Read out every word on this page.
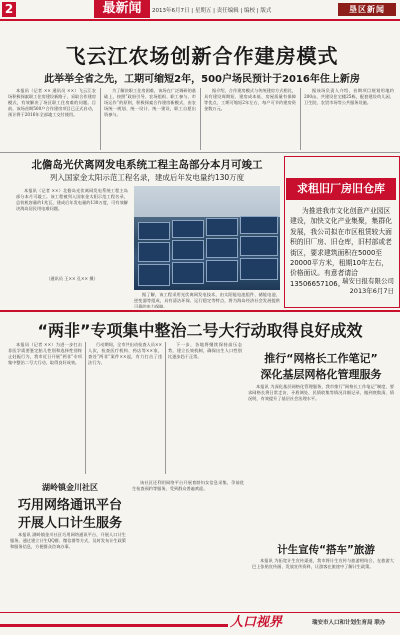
2	最新闻	2013年6月7日 | 星期五 | 责任编辑 | 编校 | 版式	垦区新闻
飞云江农场创新合作建房模式
此举举全省之先，工期可缩短2年，500户场民预计于2016年住上新房

本报讯（记者 ×× 通讯员 ××）飞云江农场积极探索职工住房建设新路子，采取合作建房模式，有效解决了场区职工住房难的问题。目前，该场首期500户合作建房项目已正式启动，预计将于2016年全部竣工交付使用。

为了解决职工住房困难，该场在广泛调研的基础上，按照“政府引导、农场组织、职工参与、市场运作”的原则，积极探索合作建房新模式，由农场统一规划、统一设计、统一建设，职工自愿出资参与。

据介绍，合作建房模式与传统建房方式相比，具有建设周期短、建房成本低、房屋质量有保障等优点，工期可缩短2年左右，每户可节约建房资金数万元。

据该场负责人介绍，首期项目规划用地约200亩，共建设住宅楼25栋，配套建设幼儿园、卫生院、农贸市场等公共服务设施。

北儋岛光伏离网发电系统工程主岛部分本月可竣工
列入国家金太阳示范工程名录，建成后年发电量约130万度

本报讯（记者 ××）北儋岛光伏离网发电系统工程主岛部分本月可竣工。该工程被列入国家金太阳示范工程名录，总装机容量约1兆瓦，建成后年发电量约130万度，可有效解决海岛居民用电难问题。

（通讯员 王×× 孔×× 摄）

据了解，该工程采用光伏离网发电技术，由太阳能电池组件、储能电池、逆变器等组成，具有清洁环保、运行稳定等特点，将为海岛经济社会发展提供可靠的电力保障。

求租旧厂房旧仓库
为推进我市文化创意产业园区建设，加快文化产业集聚，集群化发展，我公司拟在市区租赁较大面积的旧厂房、旧仓库，旧村部或老街区，要求建筑面积在5000至20000平方米，租期10年左右，价格面议。有意者请洽13506657106。
瑞安日报有限公司
2013年6月7日
“两非”专项集中整治二号大行动取得良好成效

本报讯（记者 ××）为进一步打击非医学需要鉴定胎儿性别和选择性别终止妊娠行为，我市近日开展“两非”专项集中整治二号大行动，取得良好成效。

行动期间，全市共出动检查人员××人次，检查医疗机构、药店等××家，查处“两非”案件××起，有力打击了违法行为。

下一步，各地将继续保持高压态势，建立长效机制，确保出生人口性别比逐步趋于正常。	推行“网格长工作笔记”
深化基层网格化管理服务

本报讯 为深化基层网格化管理服务，我市推行“网格长工作笔记”制度，要求网格长将日常走访、矛盾调处、民情收集等情况详细记录，做到底数清、情况明，有效提升了基层社会治理水平。

湖岭镇金川社区
巧用网络通讯平台
开展人口计生服务

本报讯 湖岭镇金川社区巧用网络通讯平台，开展人口计生服务，通过建立计生QQ群、微信群等方式，及时发布计生政策和服务信息，方便群众咨询办事。

该社区还利用网络平台开展育龄妇女信息采集、孕前优生检查预约等服务，受到群众普遍欢迎。

计生宣传“搭车”旅游

本报讯 为拓宽计生宣传渠道，我市将计生宣传与旅游相结合，在旅游大巴上张贴宣传画、发放宣传资料，让游客在旅途中了解计生政策。

人口视界	瑞安市人口和计划生育局 联办
